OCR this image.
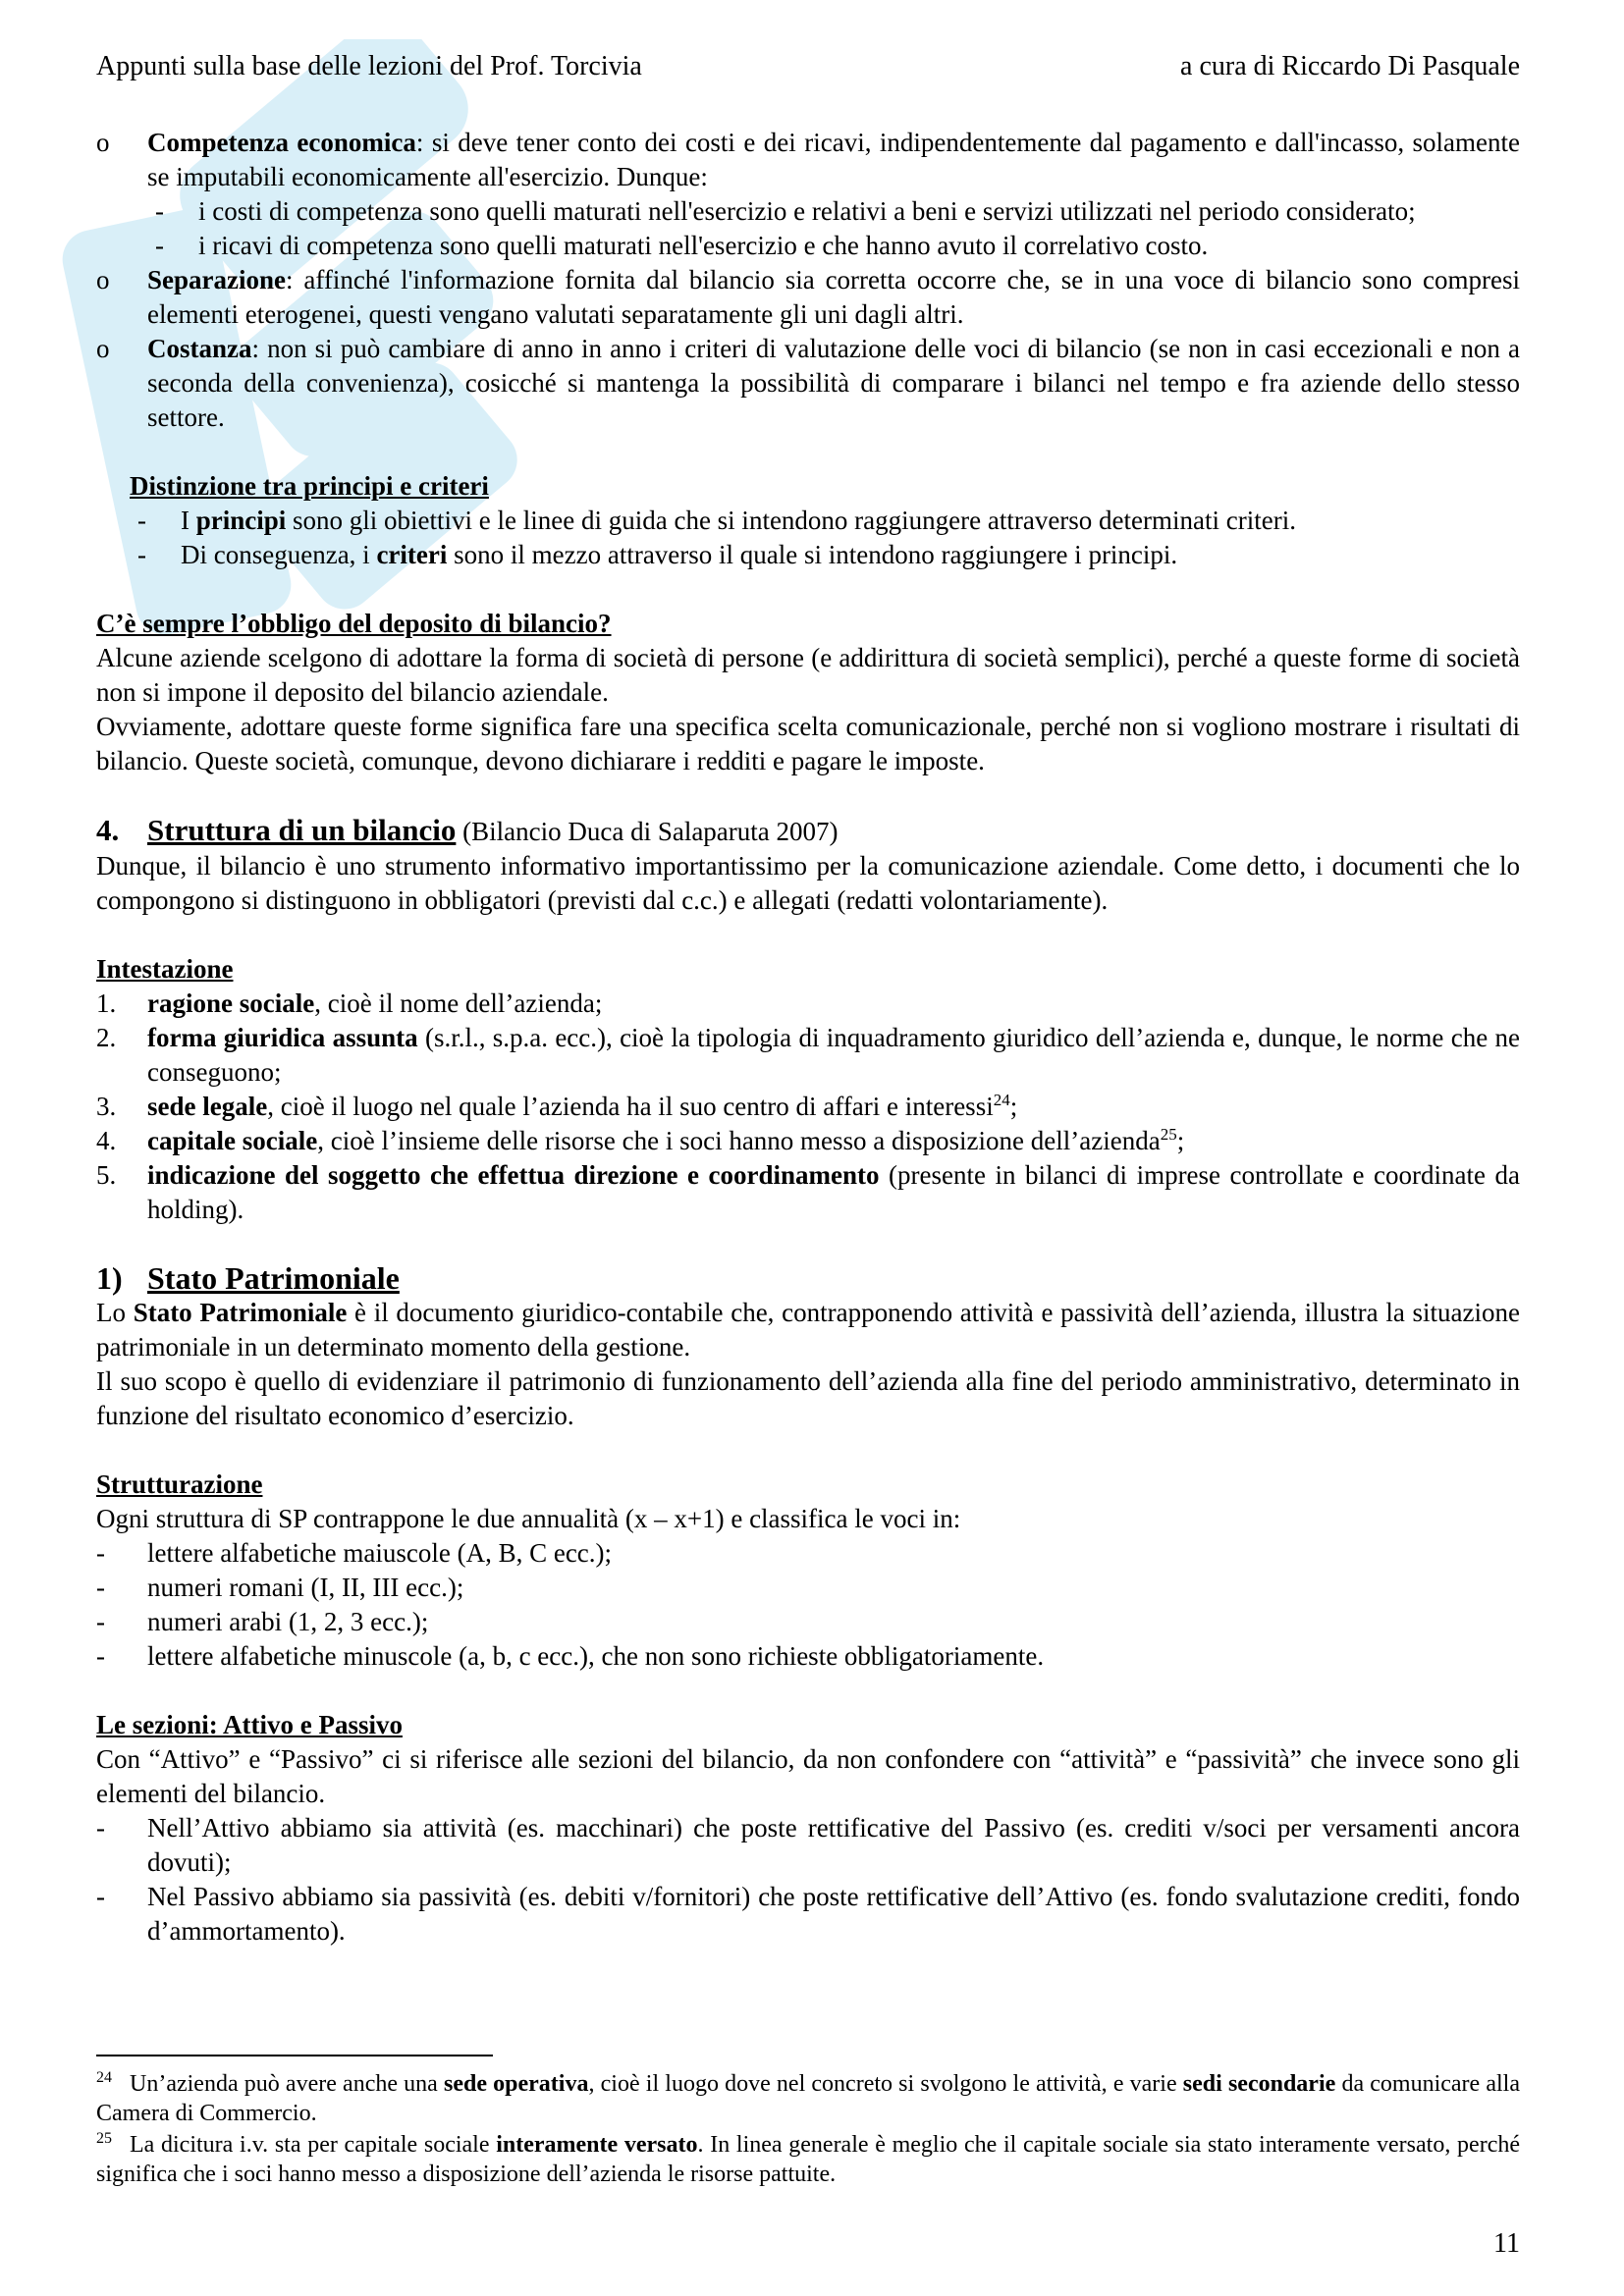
Appunti sulla base delle lezioni del Prof. Torcivia	a cura di Riccardo Di Pasquale
o Competenza economica: si deve tener conto dei costi e dei ricavi, indipendentemente dal pagamento e dall'incasso, solamente se imputabili economicamente all'esercizio. Dunque:
- i costi di competenza sono quelli maturati nell'esercizio e relativi a beni e servizi utilizzati nel periodo considerato;
- i ricavi di competenza sono quelli maturati nell'esercizio e che hanno avuto il correlativo costo.
o Separazione: affinché l'informazione fornita dal bilancio sia corretta occorre che, se in una voce di bilancio sono compresi elementi eterogenei, questi vengano valutati separatamente gli uni dagli altri.
o Costanza: non si può cambiare di anno in anno i criteri di valutazione delle voci di bilancio (se non in casi eccezionali e non a seconda della convenienza), cosicché si mantenga la possibilità di comparare i bilanci nel tempo e fra aziende dello stesso settore.

Distinzione tra principi e criteri

- I principi sono gli obiettivi e le linee di guida che si intendono raggiungere attraverso determinati criteri.
- Di conseguenza, i criteri sono il mezzo attraverso il quale si intendono raggiungere i principi.

C’è sempre l’obbligo del deposito di bilancio?

Alcune aziende scelgono di adottare la forma di società di persone (e addirittura di società semplici), perché a queste forme di società non si impone il deposito del bilancio aziendale.

Ovviamente, adottare queste forme significa fare una specifica scelta comunicazionale, perché non si vogliono mostrare i risultati di bilancio. Queste società, comunque, devono dichiarare i redditi e pagare le imposte.

4. Struttura di un bilancio (Bilancio Duca di Salaparuta 2007)

Dunque, il bilancio è uno strumento informativo importantissimo per la comunicazione aziendale. Come detto, i documenti che lo compongono si distinguono in obbligatori (previsti dal c.c.) e allegati (redatti volontariamente).

Intestazione

1. ragione sociale, cioè il nome dell’azienda;
2. forma giuridica assunta (s.r.l., s.p.a. ecc.), cioè la tipologia di inquadramento giuridico dell’azienda e, dunque, le norme che ne conseguono;
3. sede legale, cioè il luogo nel quale l’azienda ha il suo centro di affari e interessi$^{24}$;
4. capitale sociale, cioè l’insieme delle risorse che i soci hanno messo a disposizione dell’azienda$^{25}$;
5. indicazione del soggetto che effettua direzione e coordinamento (presente in bilanci di imprese controllate e coordinate da holding).

1) Stato Patrimoniale

Lo Stato Patrimoniale è il documento giuridico-contabile che, contrapponendo attività e passività dell’azienda, illustra la situazione patrimoniale in un determinato momento della gestione.

Il suo scopo è quello di evidenziare il patrimonio di funzionamento dell’azienda alla fine del periodo amministrativo, determinato in funzione del risultato economico d’esercizio.

Strutturazione

Ogni struttura di SP contrappone le due annualità (x – x+1) e classifica le voci in:

- lettere alfabetiche maiuscole (A, B, C ecc.);
- numeri romani (I, II, III ecc.);
- numeri arabi (1, 2, 3 ecc.);
- lettere alfabetiche minuscole (a, b, c ecc.), che non sono richieste obbligatoriamente.

Le sezioni: Attivo e Passivo

Con “Attivo” e “Passivo” ci si riferisce alle sezioni del bilancio, da non confondere con “attività” e “passività” che invece sono gli elementi del bilancio.

- Nell’Attivo abbiamo sia attività (es. macchinari) che poste rettificative del Passivo (es. crediti v/soci per versamenti ancora dovuti);
- Nel Passivo abbiamo sia passività (es. debiti v/fornitori) che poste rettificative dell’Attivo (es. fondo svalutazione crediti, fondo d’ammortamento).

$^{24}$ Un’azienda può avere anche una sede operativa, cioè il luogo dove nel concreto si svolgono le attività, e varie sedi secondarie da comunicare alla Camera di Commercio.

$^{25}$ La dicitura i.v. sta per capitale sociale interamente versato. In linea generale è meglio che il capitale sociale sia stato interamente versato, perché significa che i soci hanno messo a disposizione dell’azienda le risorse pattuite.

11
